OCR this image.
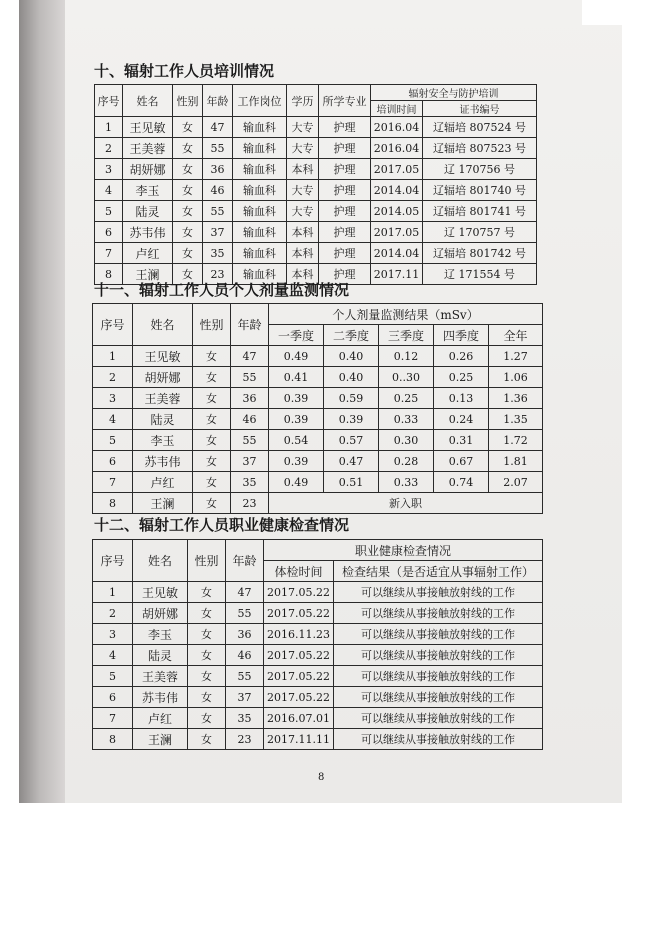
十、辐射工作人员培训情况
序号	姓名	性别	年龄	工作岗位	学历	所学专业	辐射安全与防护培训	
							培训时间	证书编号
1	王见敏	女	47	输血科	大专	护理	2016.04	辽辐培 807524 号
2	王美蓉	女	55	输血科	大专	护理	2016.04	辽辐培 807523 号
3	胡妍娜	女	36	输血科	本科	护理	2017.05	辽 170756 号
4	李玉	女	46	输血科	大专	护理	2014.04	辽辐培 801740 号
5	陆灵	女	55	输血科	大专	护理	2014.05	辽辐培 801741 号
6	苏韦伟	女	37	输血科	本科	护理	2017.05	辽 170757 号
7	卢红	女	35	输血科	本科	护理	2014.04	辽辐培 801742 号
8	王澜	女	23	输血科	本科	护理	2017.11	辽 171554 号
十一、辐射工作人员个人剂量监测情况
序号	姓名	性别	年龄	个人剂量监测结果（mSv）				
				一季度	二季度	三季度	四季度	全年
1	王见敏	女	47	0.49	0.40	0.12	0.26	1.27
2	胡妍娜	女	55	0.41	0.40	0..30	0.25	1.06
3	王美蓉	女	36	0.39	0.59	0.25	0.13	1.36
4	陆灵	女	46	0.39	0.39	0.33	0.24	1.35
5	李玉	女	55	0.54	0.57	0.30	0.31	1.72
6	苏韦伟	女	37	0.39	0.47	0.28	0.67	1.81
7	卢红	女	35	0.49	0.51	0.33	0.74	2.07
8	王澜	女	23	新入职				
十二、辐射工作人员职业健康检查情况
序号	姓名	性别	年龄	职业健康检查情况	
				体检时间	检查结果（是否适宜从事辐射工作）
1	王见敏	女	47	2017.05.22	可以继续从事接触放射线的工作
2	胡妍娜	女	55	2017.05.22	可以继续从事接触放射线的工作
3	李玉	女	36	2016.11.23	可以继续从事接触放射线的工作
4	陆灵	女	46	2017.05.22	可以继续从事接触放射线的工作
5	王美蓉	女	55	2017.05.22	可以继续从事接触放射线的工作
6	苏韦伟	女	37	2017.05.22	可以继续从事接触放射线的工作
7	卢红	女	35	2016.07.01	可以继续从事接触放射线的工作
8	王澜	女	23	2017.11.11	可以继续从事接触放射线的工作
8
